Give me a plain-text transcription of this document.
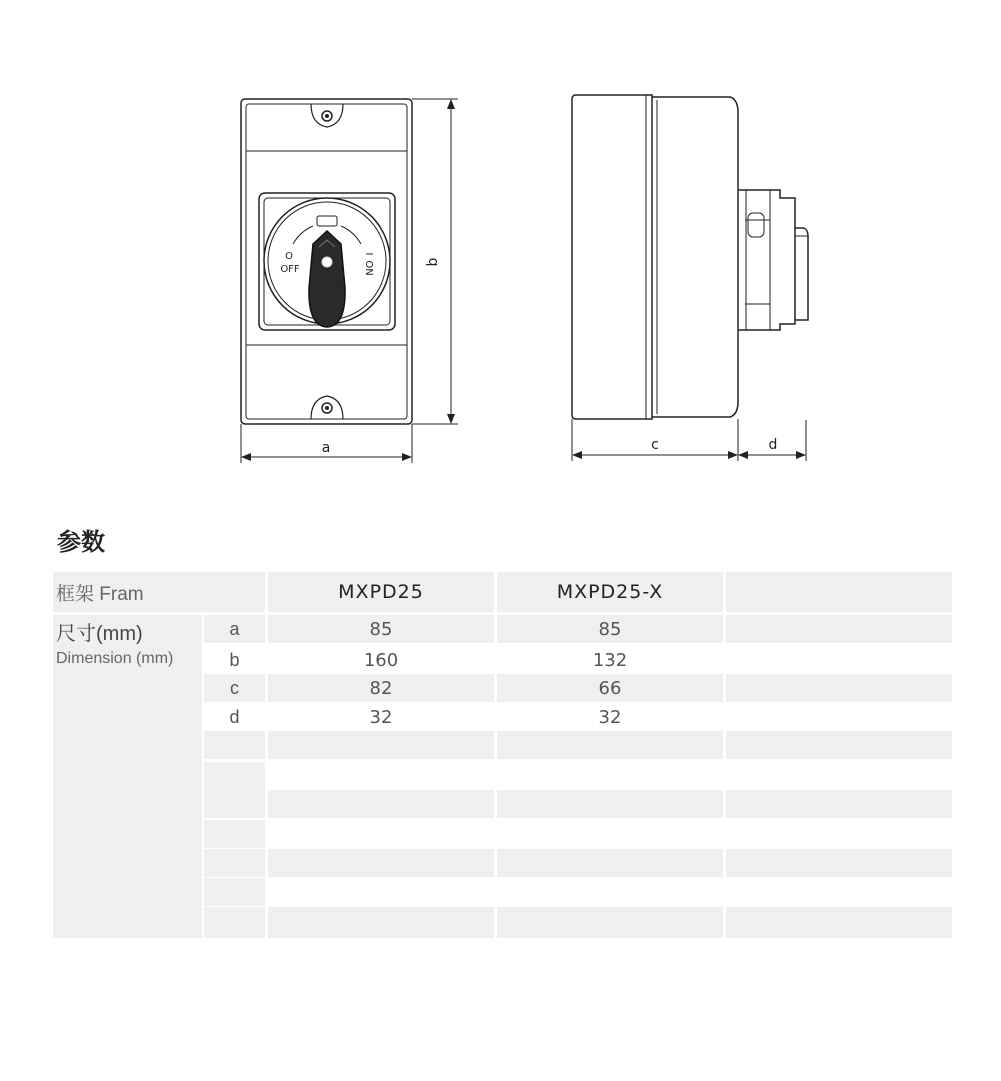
O
OFF
I
ON	b
a	c	d
参数
框架 Fram	MXPD25	MXPD25-X
尺寸(mm)
Dimension (mm)
a	85	85
b	160	132
c	82	66
d	32	32
